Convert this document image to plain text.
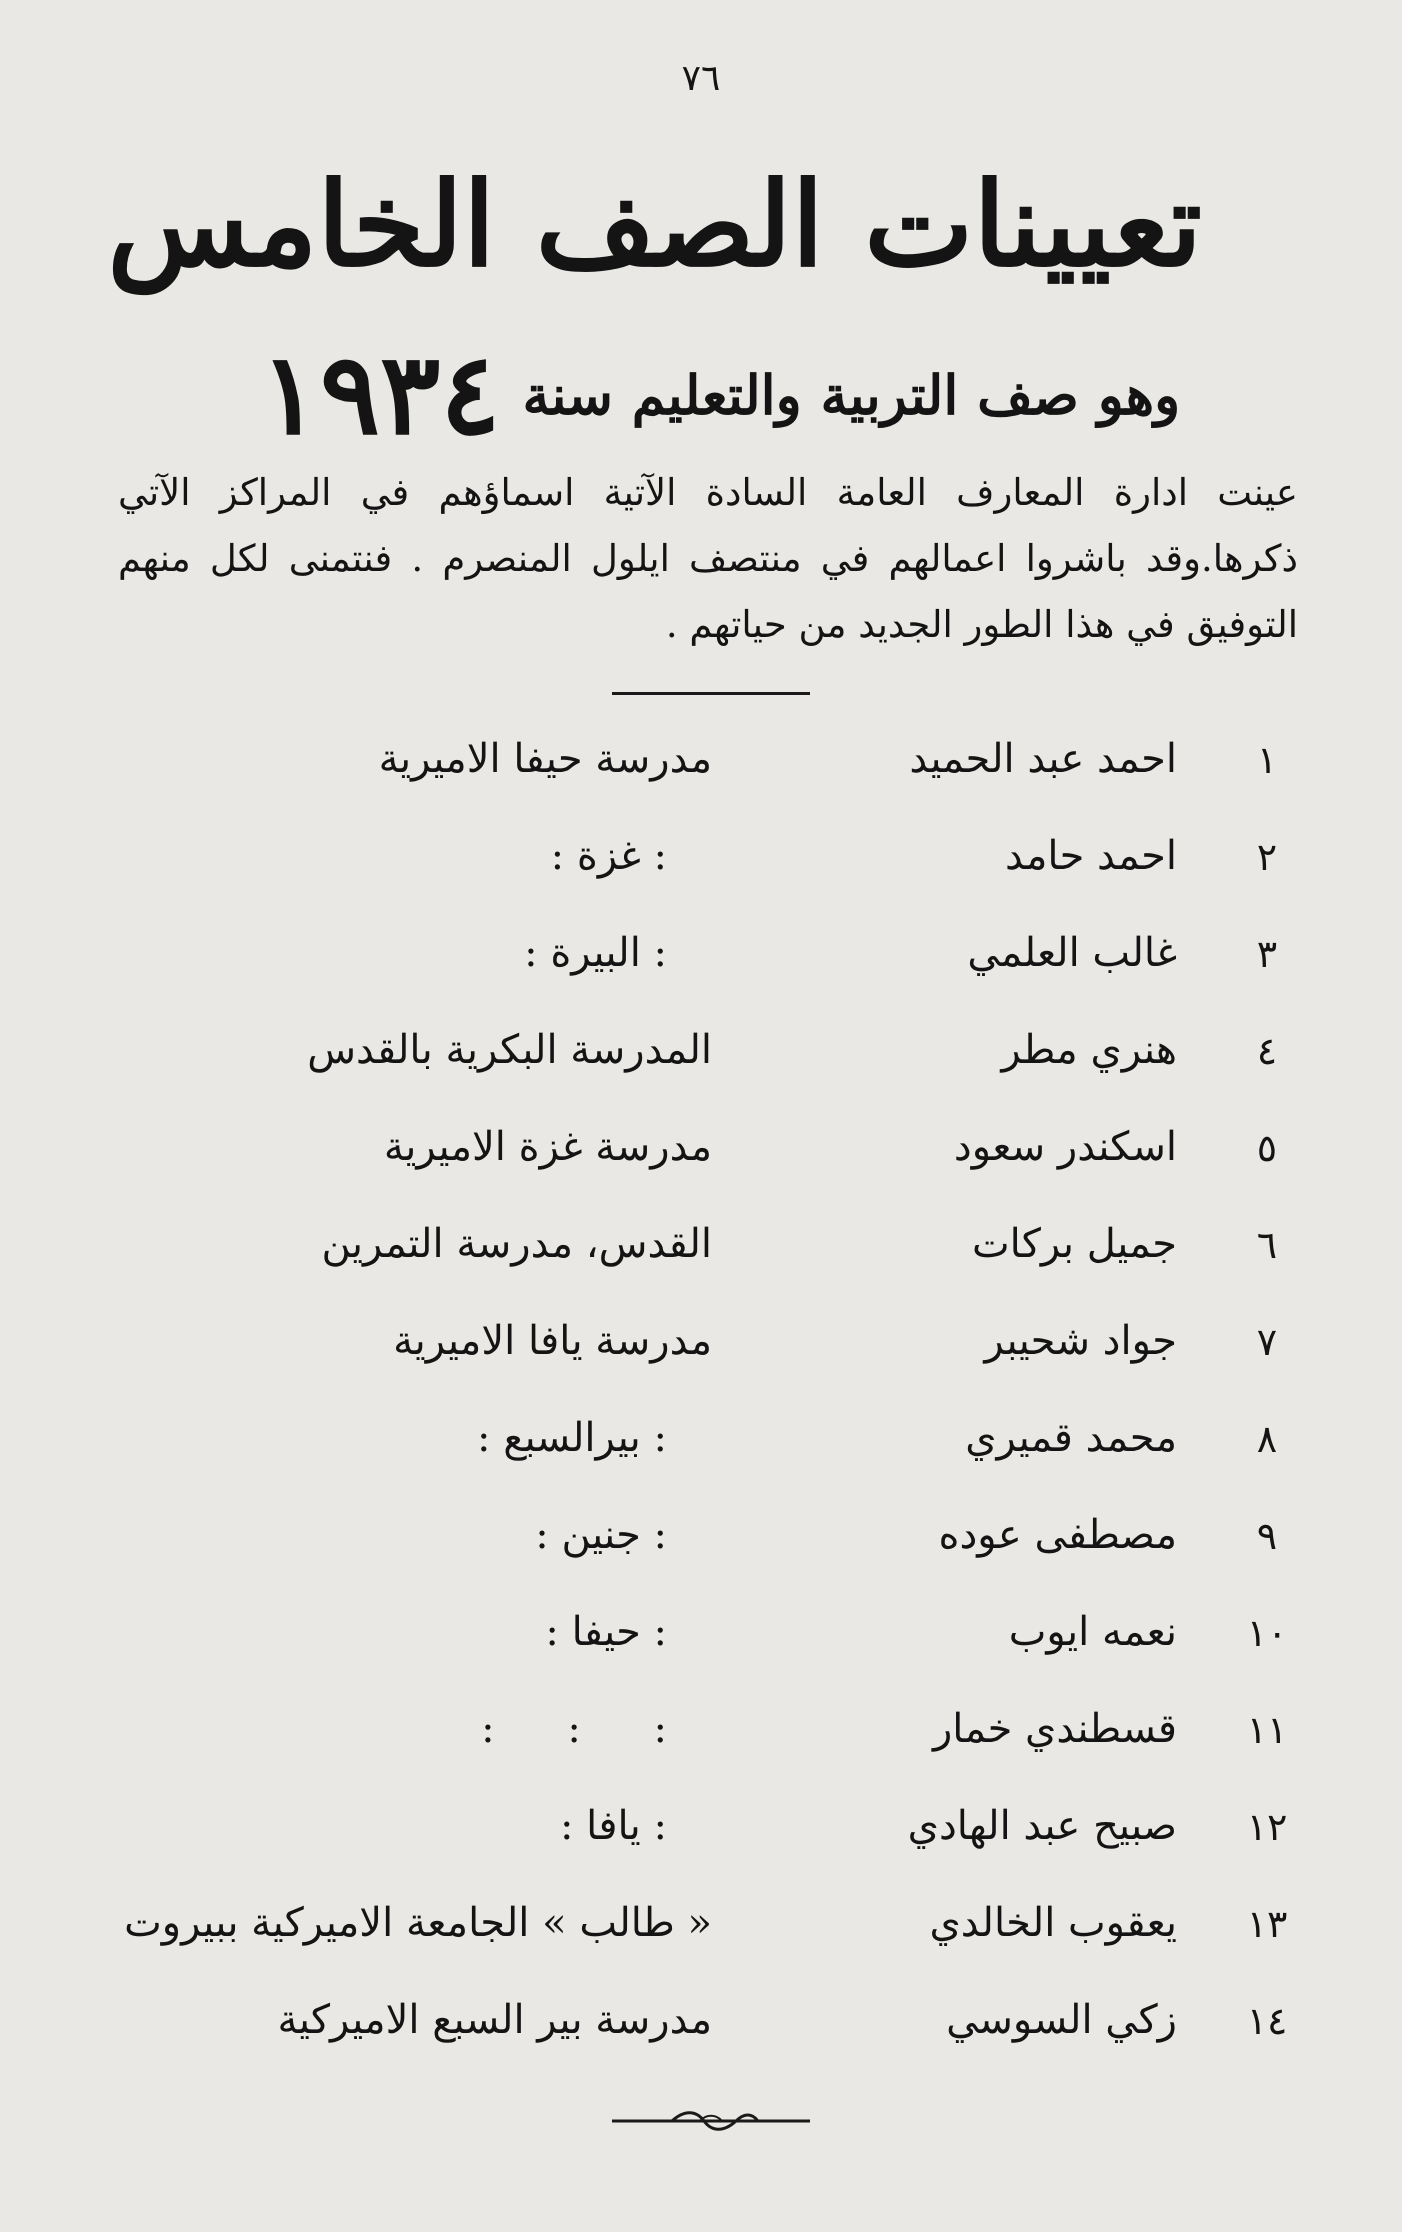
٧٦
تعيينات الصف الخامس
وهو صف التربية والتعليم سنة
١٩٣٤
عينت ادارة المعارف العامة السادة الآتية اسماؤهم في المراكز الآتي ذكرها.وقد باشروا اعمالهم في منتصف ايلول المنصرم . فنتمنى لكل منهم التوفيق في هذا الطور الجديد من حياتهم .
١
احمد عبد الحميد
مدرسة حيفا الاميرية
٢
احمد حامد
: غزة :
٣
غالب العلمي
: البيرة :
٤
هنري مطر
المدرسة البكرية بالقدس
٥
اسكندر سعود
مدرسة غزة الاميرية
٦
جميل بركات
القدس، مدرسة التمرين
٧
جواد شحيبر
مدرسة يافا الاميرية
٨
محمد قميري
: بيرالسبع :
٩
مصطفى عوده
: جنين :
١٠
نعمه ايوب
: حيفا :
١١
قسطندي خمار
: : :
١٢
صبيح عبد الهادي
: يافا :
١٣
يعقوب الخالدي
« طالب » الجامعة الاميركية ببيروت
١٤
زكي السوسي
مدرسة بير السبع الاميركية
